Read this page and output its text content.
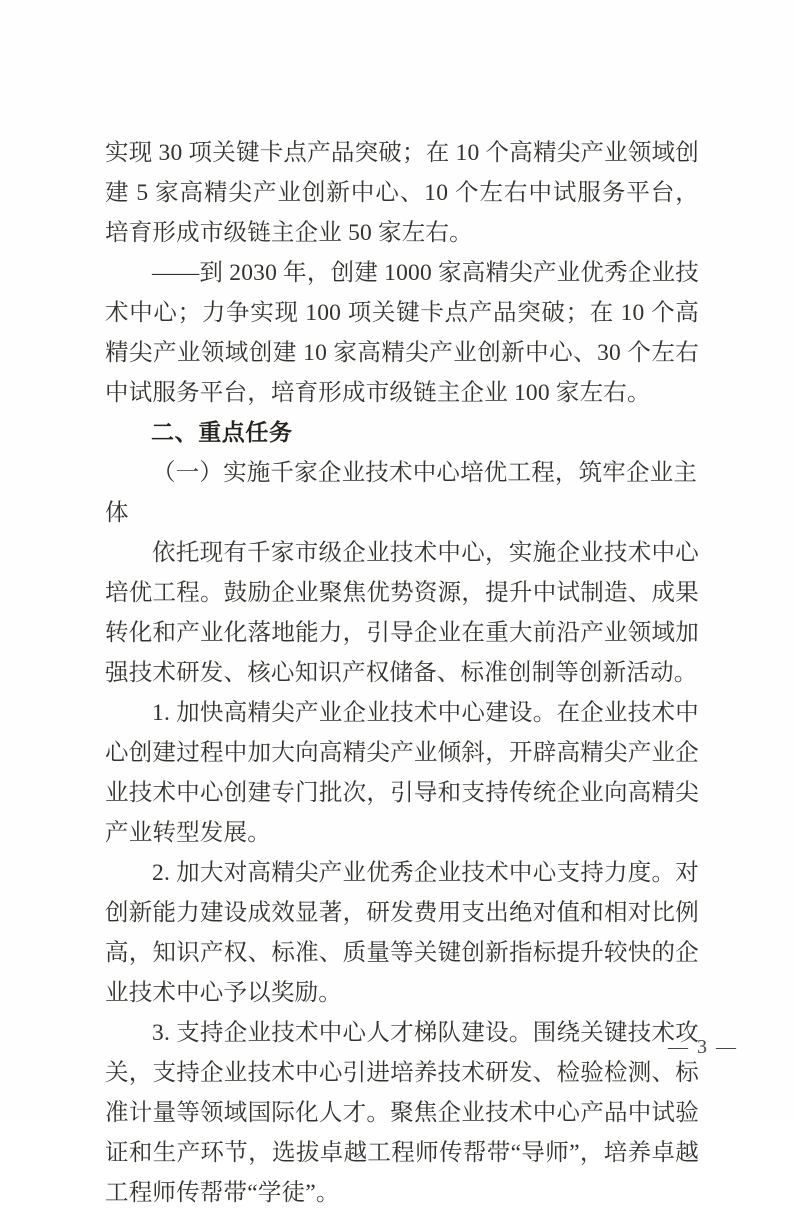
实现 30 项关键卡点产品突破；在 10 个高精尖产业领域创建 5 家高精尖产业创新中心、10 个左右中试服务平台，培育形成市级链主企业 50 家左右。

——到 2030 年，创建 1000 家高精尖产业优秀企业技术中心；力争实现 100 项关键卡点产品突破；在 10 个高精尖产业领域创建 10 家高精尖产业创新中心、30 个左右中试服务平台，培育形成市级链主企业 100 家左右。

二、重点任务
（一）实施千家企业技术中心培优工程，筑牢企业主体

依托现有千家市级企业技术中心，实施企业技术中心培优工程。鼓励企业聚焦优势资源，提升中试制造、成果转化和产业化落地能力，引导企业在重大前沿产业领域加强技术研发、核心知识产权储备、标准创制等创新活动。

1. 加快高精尖产业企业技术中心建设。在企业技术中心创建过程中加大向高精尖产业倾斜，开辟高精尖产业企业技术中心创建专门批次，引导和支持传统企业向高精尖产业转型发展。

2. 加大对高精尖产业优秀企业技术中心支持力度。对创新能力建设成效显著，研发费用支出绝对值和相对比例高，知识产权、标准、质量等关键创新指标提升较快的企业技术中心予以奖励。

3. 支持企业技术中心人才梯队建设。围绕关键技术攻关，支持企业技术中心引进培养技术研发、检验检测、标准计量等领域国际化人才。聚焦企业技术中心产品中试验证和生产环节，选拔卓越工程师传帮带“导师”，培养卓越工程师传帮带“学徒”。

— 3 —
